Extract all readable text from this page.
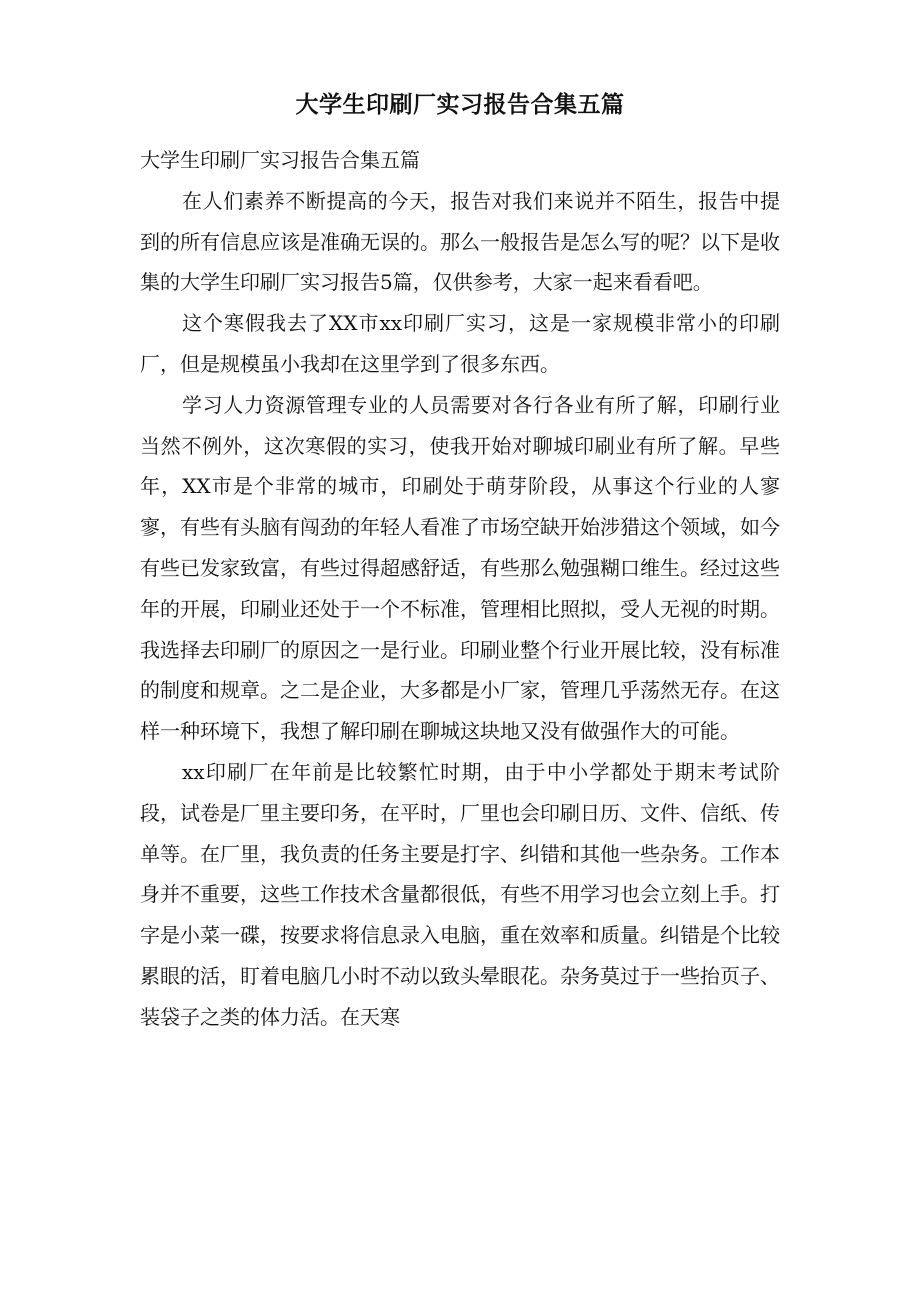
大学生印刷厂实习报告合集五篇

大学生印刷厂实习报告合集五篇

在人们素养不断提高的今天，报告对我们来说并不陌生，报告中提到的所有信息应该是准确无误的。那么一般报告是怎么写的呢？以下是收集的大学生印刷厂实习报告5篇，仅供参考，大家一起来看看吧。

这个寒假我去了XX市xx印刷厂实习，这是一家规模非常小的印刷厂，但是规模虽小我却在这里学到了很多东西。

学习人力资源管理专业的人员需要对各行各业有所了解，印刷行业当然不例外，这次寒假的实习，使我开始对聊城印刷业有所了解。早些年，XX市是个非常的城市，印刷处于萌芽阶段，从事这个行业的人寥寥，有些有头脑有闯劲的年轻人看准了市场空缺开始涉猎这个领域，如今有些已发家致富，有些过得超感舒适，有些那么勉强糊口维生。经过这些年的开展，印刷业还处于一个不标准，管理相比照拟，受人无视的时期。 我选择去印刷厂的原因之一是行业。印刷业整个行业开展比较，没有标准的制度和规章。之二是企业，大多都是小厂家，管理几乎荡然无存。在这样一种环境下，我想了解印刷在聊城这块地又没有做强作大的可能。

xx印刷厂在年前是比较繁忙时期，由于中小学都处于期末考试阶段，试卷是厂里主要印务，在平时，厂里也会印刷日历、文件、信纸、传单等。在厂里，我负责的任务主要是打字、纠错和其他一些杂务。工作本身并不重要，这些工作技术含量都很低，有些不用学习也会立刻上手。打字是小菜一碟，按要求将信息录入电脑，重在效率和质量。纠错是个比较累眼的活，盯着电脑几小时不动以致头晕眼花。杂务莫过于一些抬页子、装袋子之类的体力活。在天寒
